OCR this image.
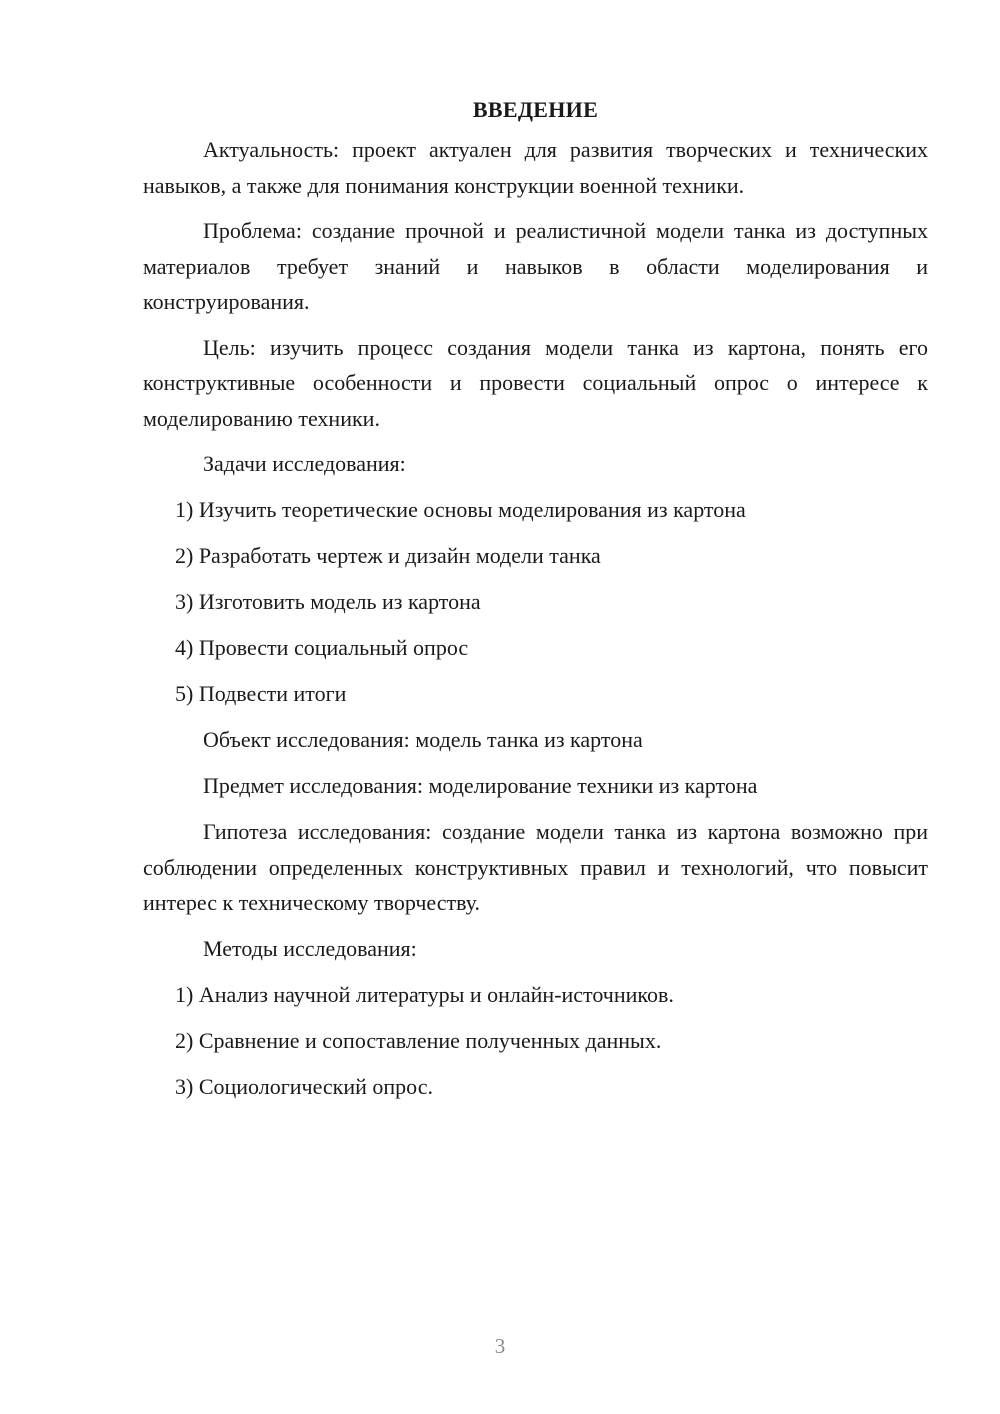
ВВЕДЕНИЕ

Актуальность: проект актуален для развития творческих и технических навыков, а также для понимания конструкции военной техники.

Проблема: создание прочной и реалистичной модели танка из доступных материалов требует знаний и навыков в области моделирования и конструирования.

Цель: изучить процесс создания модели танка из картона, понять его конструктивные особенности и провести социальный опрос о интересе к моделированию техники.

Задачи исследования:
1) Изучить теоретические основы моделирования из картона
2) Разработать чертеж и дизайн модели танка
3) Изготовить модель из картона
4) Провести социальный опрос
5) Подвести итоги
Объект исследования: модель танка из картона
Предмет исследования: моделирование техники из картона

Гипотеза исследования: создание модели танка из картона возможно при соблюдении определенных конструктивных правил и технологий, что повысит интерес к техническому творчеству.

Методы исследования:
1) Анализ научной литературы и онлайн-источников.
2) Сравнение и сопоставление полученных данных.
3) Социологический опрос.
3
